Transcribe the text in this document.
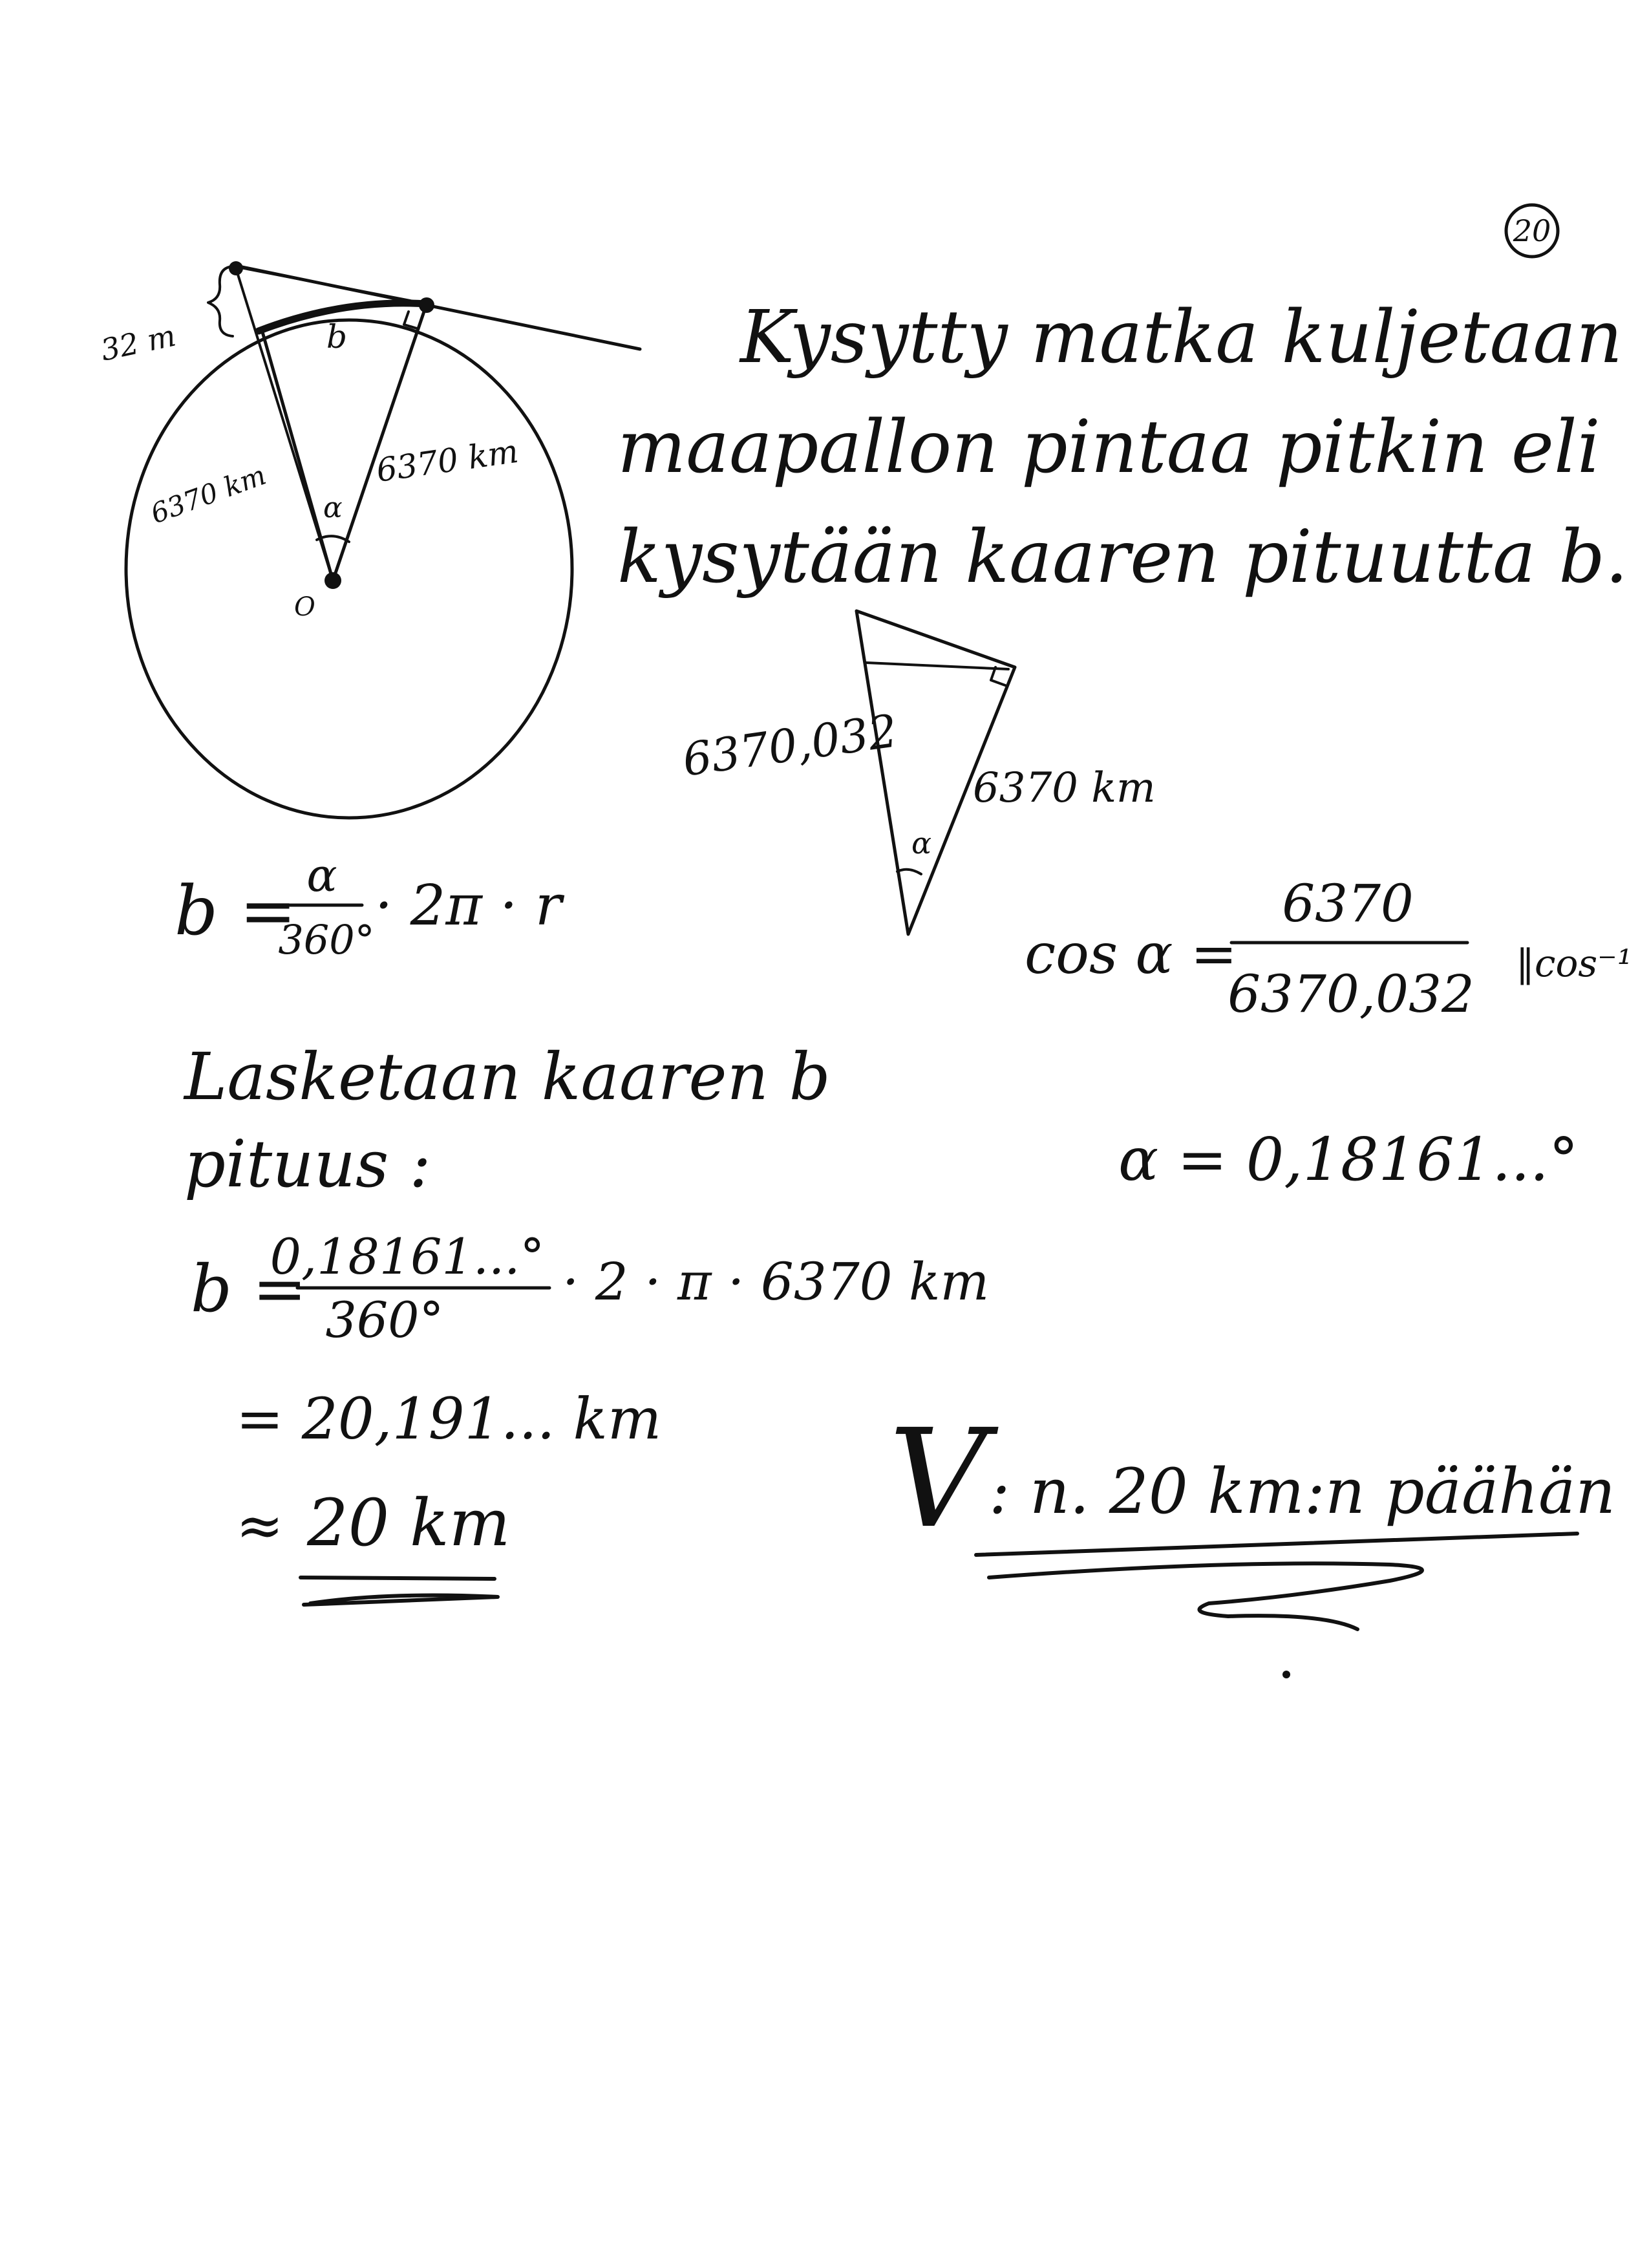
20
32 m	b
6370 km	6370 km
α
O
Kysytty matka kuljetaan
maapallon pintaa pitkin eli
kysytään kaaren pituutta b.
6370,032
6370 km
α
b = α
360°
· 2π · r
cos α =
6370
6370,032
‖cos⁻¹
α = 0,18161...°
Lasketaan kaaren b
pituus :
b =
0,18161...°
360°
· 2 · π · 6370 km
= 20,191... km
≈ 20 km	V : n. 20 km:n päähän
